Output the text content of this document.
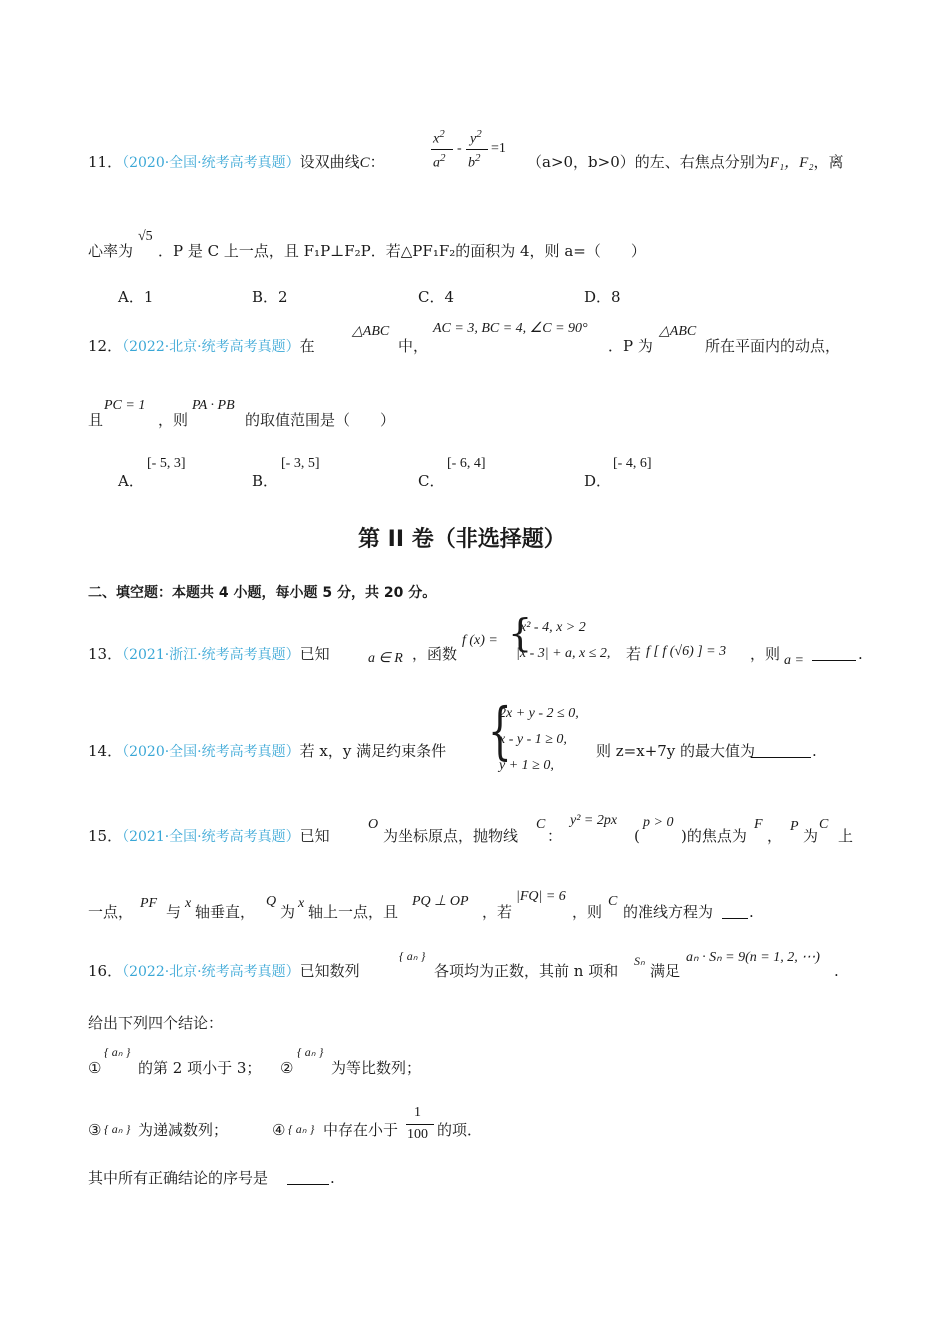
11．（2020·全国·统考高考真题）设双曲线C：
$x^2$
$a^2$
-
$y^2$
$b^2$
=1
（a>0，b>0）的左、右焦点分别为F₁，F₂，离
心率为
√5
．P 是 C 上一点，且 F₁P⊥F₂P．若△PF₁F₂的面积为 4，则 a=（　　）
A．1	B．2	C．4	D．8
12．（2022·北京·统考高考真题）在
△ABC
中，
AC = 3, BC = 4, ∠C = 90°
．P 为
△ABC
所在平面内的动点，
且
PC = 1
，则
PA · PB
的取值范围是（　　）
A．
[- 5, 3]
B．
[- 3, 5]
C．
[- 6, 4]
D．
[- 4, 6]
第 II 卷（非选择题）
二、填空题：本题共 4 小题，每小题 5 分，共 20 分。
13．（2021·浙江·统考高考真题）已知	a ∈ R ，函数
f (x) = {
x² - 4, x > 2
|x - 3| + a, x ≤ 2, 若 f [ f (√6) ] = 3 ，则 a =	.
14．（2020·全国·统考高考真题）若 x，y 满足约束条件 {
2x + y - 2 ≤ 0,
x - y - 1 ≥ 0,
y + 1 ≥ 0,
则 z=x+7y 的最大值为	.
15．（2021·全国·统考高考真题）已知
O
为坐标原点，抛物线
C
：
y² = 2px
(
p > 0
)的焦点为
F
，
P
为
C
上
一点， PF 与 x 轴垂直，
Q
为 x 轴上一点，且
PQ ⊥ OP
，若
|FQ| = 6
，则
C
的准线方程为 .
16．（2022·北京·统考高考真题）已知数列
{ aₙ }
各项均为正数，其前 n 项和
Sₙ
满足
aₙ · Sₙ = 9(n = 1, 2, ⋯)
.
给出下列四个结论：
①
{ aₙ }
的第 2 项小于 3； ②
{ aₙ }
为等比数列；
③ { aₙ } 为递减数列；	④ { aₙ } 中存在小于
1
100 的项．
其中所有正确结论的序号是	.
